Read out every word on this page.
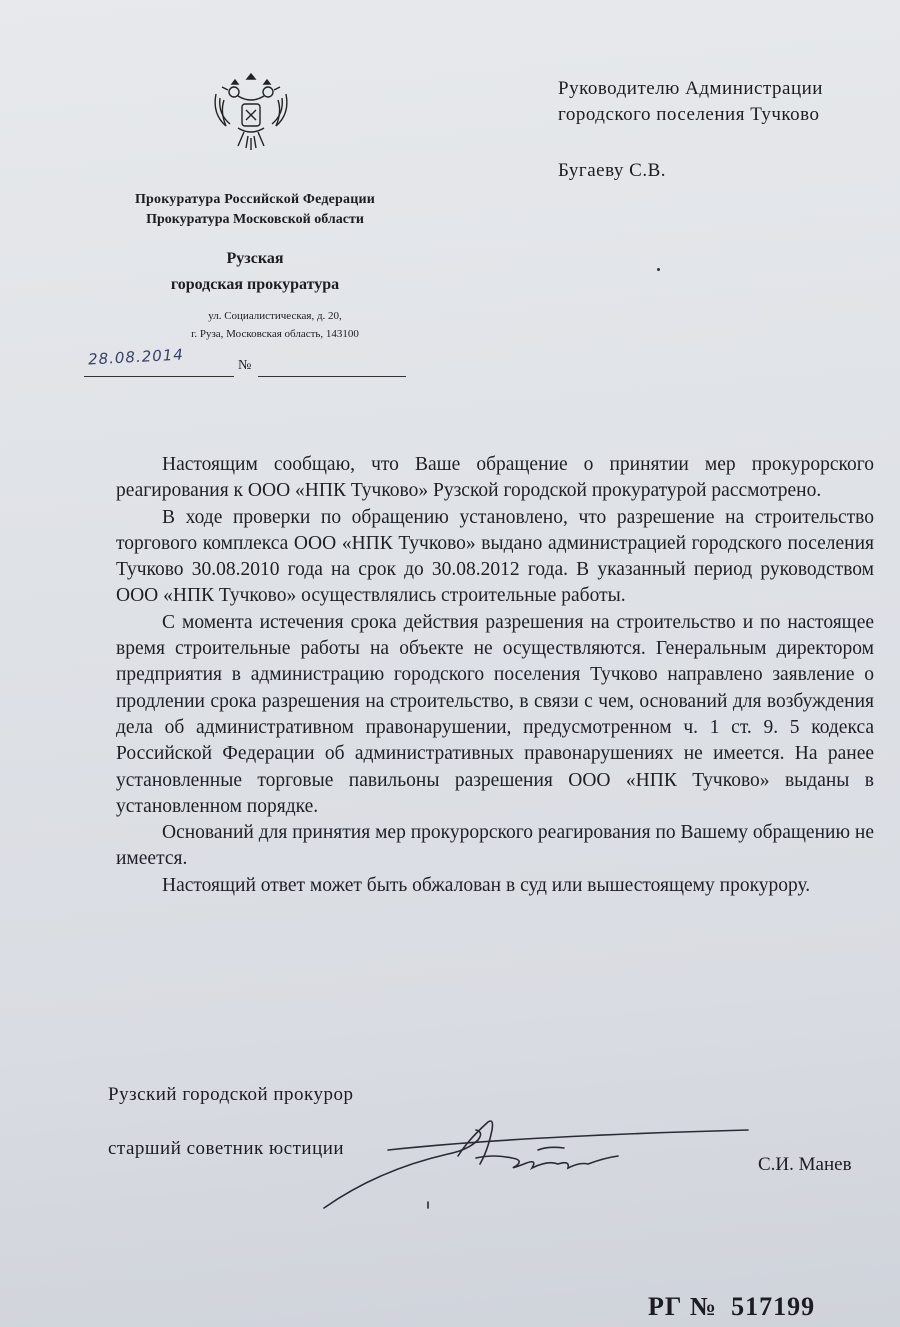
Прокуратура Российской Федерации
Прокуратура Московской области
Рузская
городская прокуратура
ул. Социалистическая, д. 20,
г. Руза, Московская область, 143100
28.08.2014	№
Руководителю Администрации
городского поселения Тучково
Бугаеву С.В.

Настоящим сообщаю, что Ваше обращение о принятии мер прокурорского реагирования к ООО «НПК Тучково» Рузской городской прокуратурой рассмотрено.

В ходе проверки по обращению установлено, что разрешение на строительство торгового комплекса ООО «НПК Тучково» выдано администрацией городского поселения Тучково 30.08.2010 года на срок до 30.08.2012 года. В указанный период руководством ООО «НПК Тучково» осуществлялись строительные работы.

С момента истечения срока действия разрешения на строительство и по настоящее время строительные работы на объекте не осуществляются. Генеральным директором предприятия в администрацию городского поселения Тучково направлено заявление о продлении срока разрешения на строительство, в связи с чем, оснований для возбуждения дела об административном правонарушении, предусмотренном ч. 1 ст. 9. 5 кодекса Российской Федерации об административных правонарушениях не имеется. На ранее установленные торговые павильоны разрешения ООО «НПК Тучково» выданы в установленном порядке.

Оснований для принятия мер прокурорского реагирования по Вашему обращению не имеется.

Настоящий ответ может быть обжалован в суд или вышестоящему прокурору.

Рузский городской прокурор
старший советник юстиции
С.И. Манев
РГ № 517199
